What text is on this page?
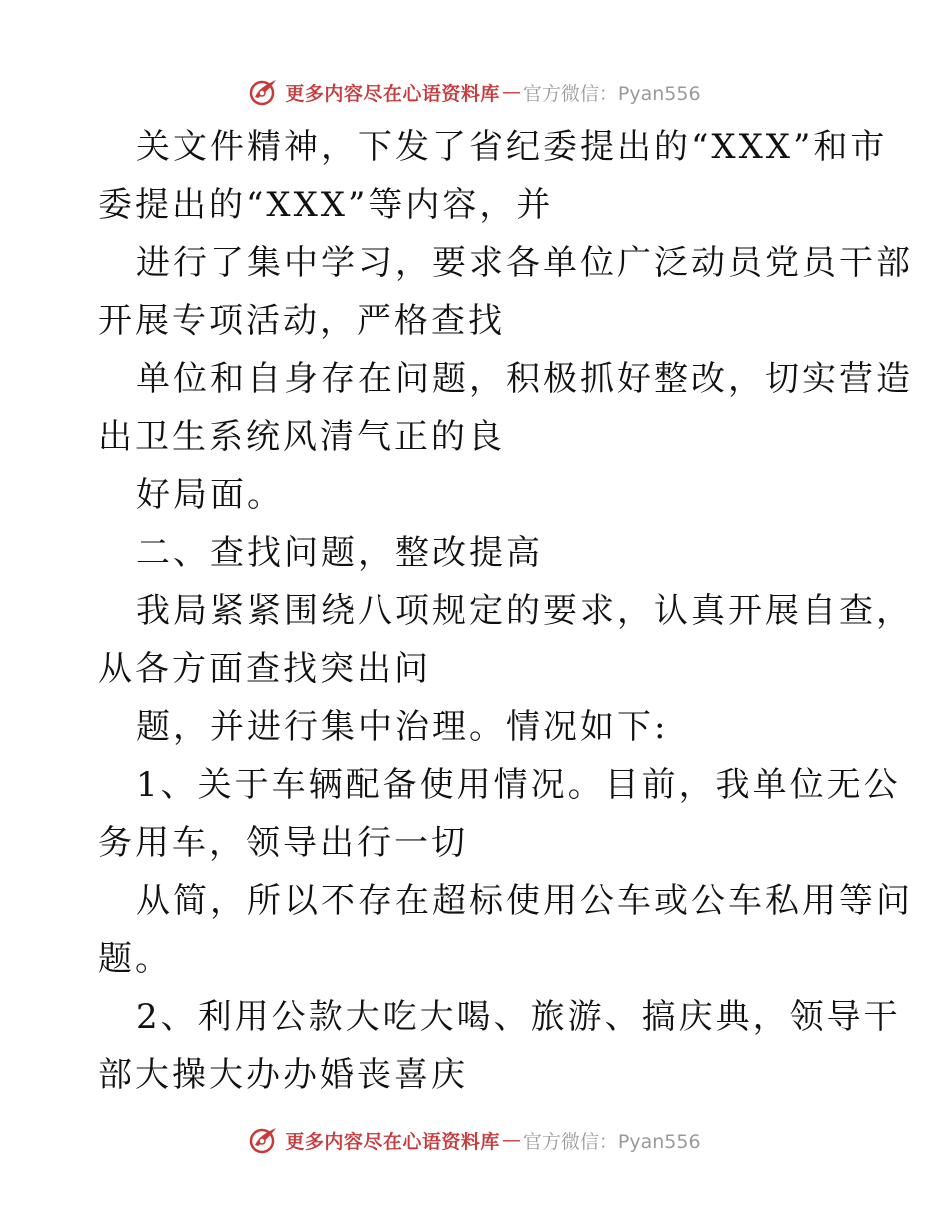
更多内容尽在心语资料库 — 官方微信：Pyan556
关文件精神，下发了省纪委提出的“XXX”和市
委提出的“XXX”等内容，并
进行了集中学习，要求各单位广泛动员党员干部
开展专项活动，严格查找
单位和自身存在问题，积极抓好整改，切实营造
出卫生系统风清气正的良
好局面。
二、查找问题，整改提高
我局紧紧围绕八项规定的要求，认真开展自查，
从各方面查找突出问
题，并进行集中治理。情况如下:
1、关于车辆配备使用情况。目前，我单位无公
务用车，领导出行一切
从简，所以不存在超标使用公车或公车私用等问
题。
2、利用公款大吃大喝、旅游、搞庆典，领导干
部大操大办办婚丧喜庆
更多内容尽在心语资料库 — 官方微信：Pyan556
